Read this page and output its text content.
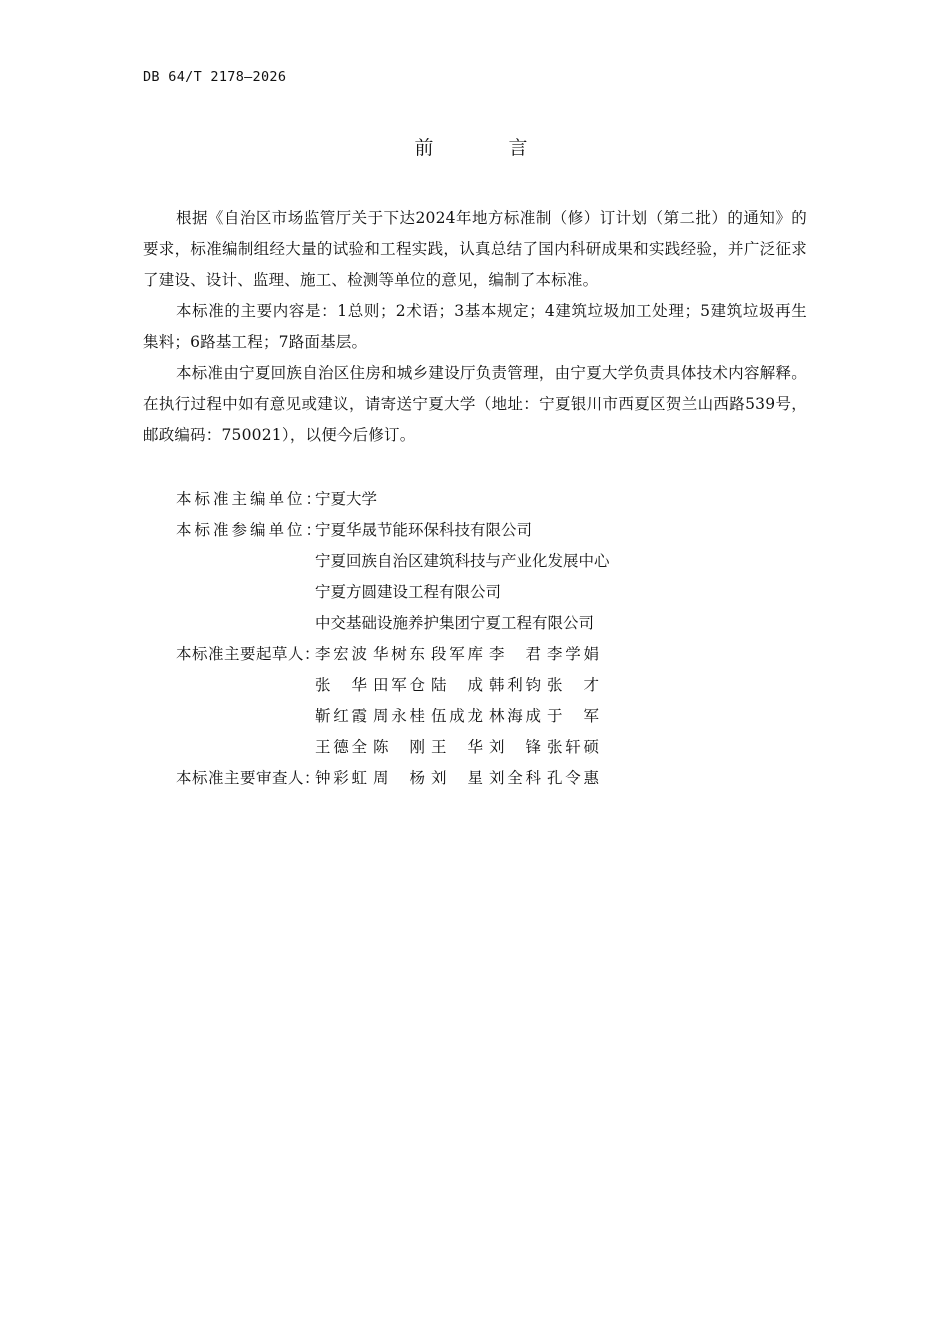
DB 64/T 2178—2026
前　言

根据《自治区市场监管厅关于下达2024年地方标准制（修）订计划（第二批）的通知》的要求，标准编制组经大量的试验和工程实践，认真总结了国内科研成果和实践经验，并广泛征求了建设、设计、监理、施工、检测等单位的意见，编制了本标准。

本标准的主要内容是：1总则；2术语；3基本规定；4建筑垃圾加工处理；5建筑垃圾再生集料；6路基工程；7路面基层。

本标准由宁夏回族自治区住房和城乡建设厅负责管理，由宁夏大学负责具体技术内容解释。在执行过程中如有意见或建议，请寄送宁夏大学（地址：宁夏银川市西夏区贺兰山西路539号，邮政编码：750021），以便今后修订。

本标准主编单位：
宁夏大学
本标准参编单位：
宁夏华晟节能环保科技有限公司
宁夏回族自治区建筑科技与产业化发展中心
宁夏方圆建设工程有限公司
中交基础设施养护集团宁夏工程有限公司
本标准主要起草人：
李宏波 华树东 段军库 李　君 李学娟
张　华 田军仓 陆　成 韩利钧 张　才
靳红霞 周永桂 伍成龙 林海成 于　军
王德全 陈　刚 王　华 刘　锋 张轩硕
本标准主要审查人：
钟彩虹 周　杨 刘　星 刘全科 孔令惠
